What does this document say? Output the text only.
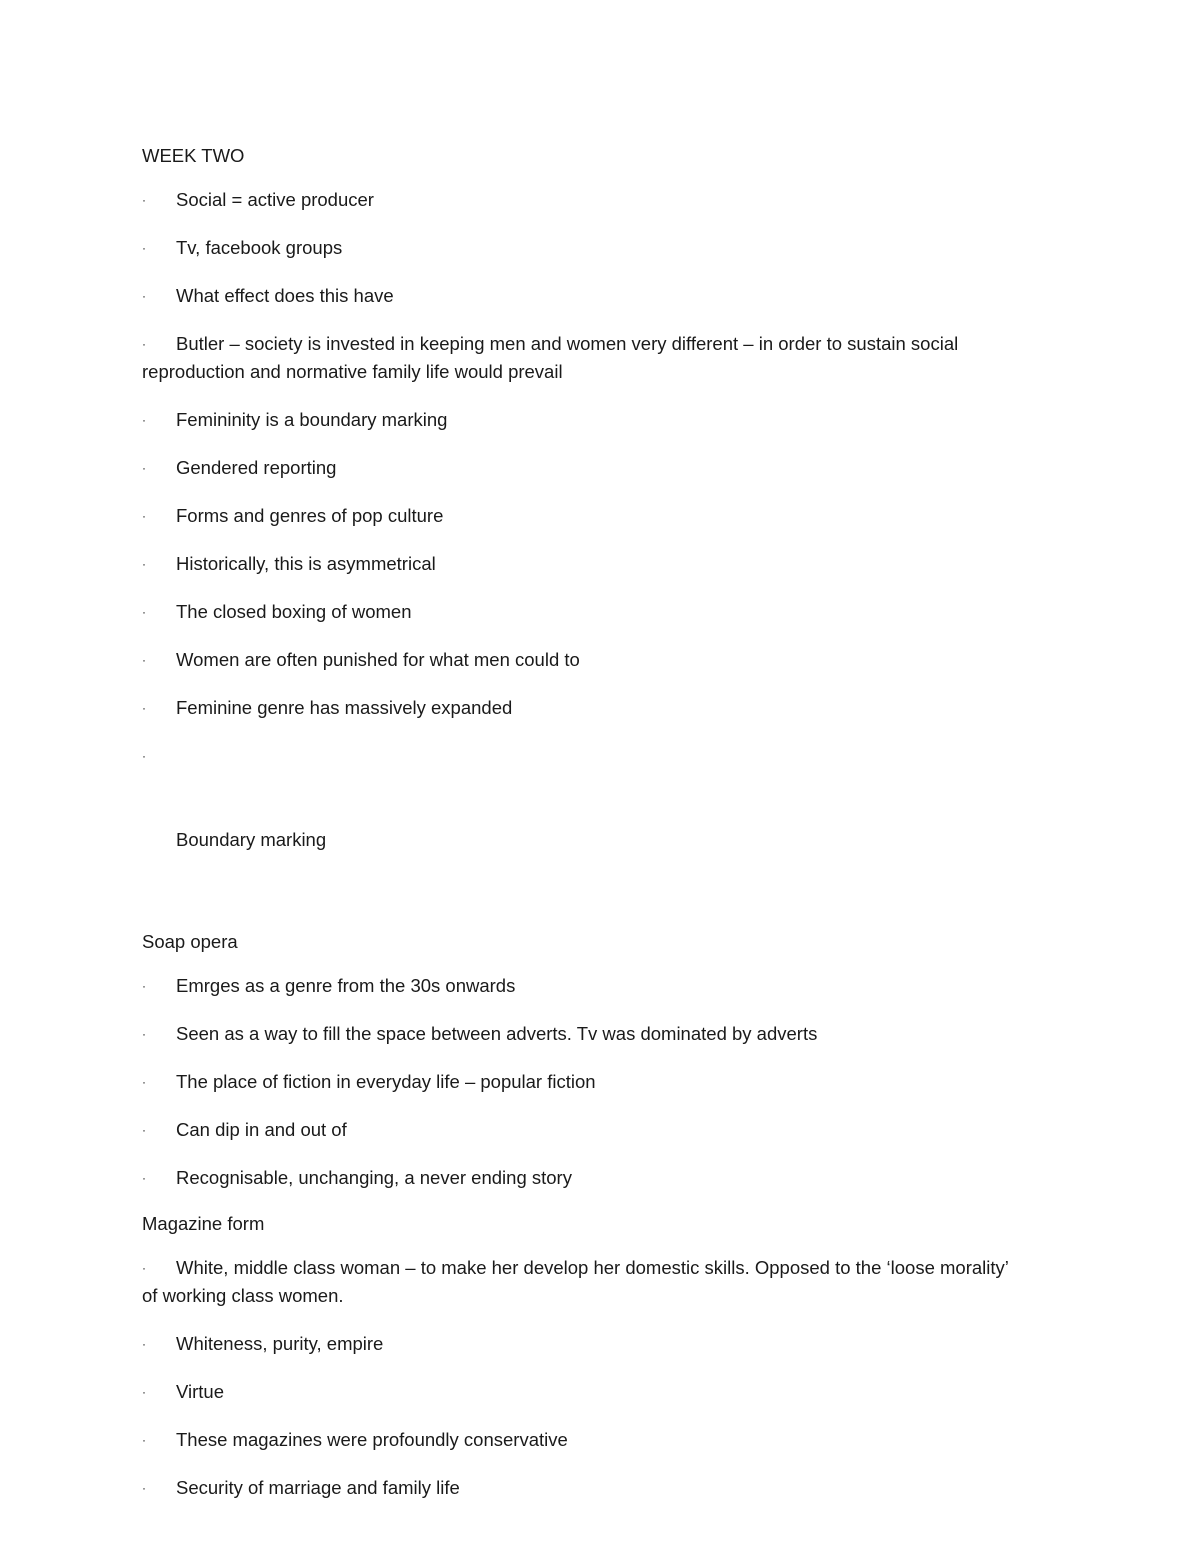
WEEK TWO
·	Social = active producer
·	Tv, facebook groups
·	What effect does this have
·	Butler – society is invested in keeping men and women very different – in order to sustain social reproduction and normative family life would prevail
·	Femininity is a boundary marking
·	Gendered reporting
·	Forms and genres of pop culture
·	Historically, this is asymmetrical
·	The closed boxing of women
·	Women are often punished for what men could to
·	Feminine genre has massively expanded

·

Boundary marking

Soap opera
·	Emrges as a genre from the 30s onwards
·	Seen as a way to fill the space between adverts. Tv was dominated by adverts
·	The place of fiction in everyday life – popular fiction
·	Can dip in and out of
·	Recognisable, unchanging, a never ending story
Magazine form
·	White, middle class woman – to make her develop her domestic skills. Opposed to the ‘loose morality’ of working class women.
·	Whiteness, purity, empire
·	Virtue
·	These magazines were profoundly conservative
·	Security of marriage and family life
